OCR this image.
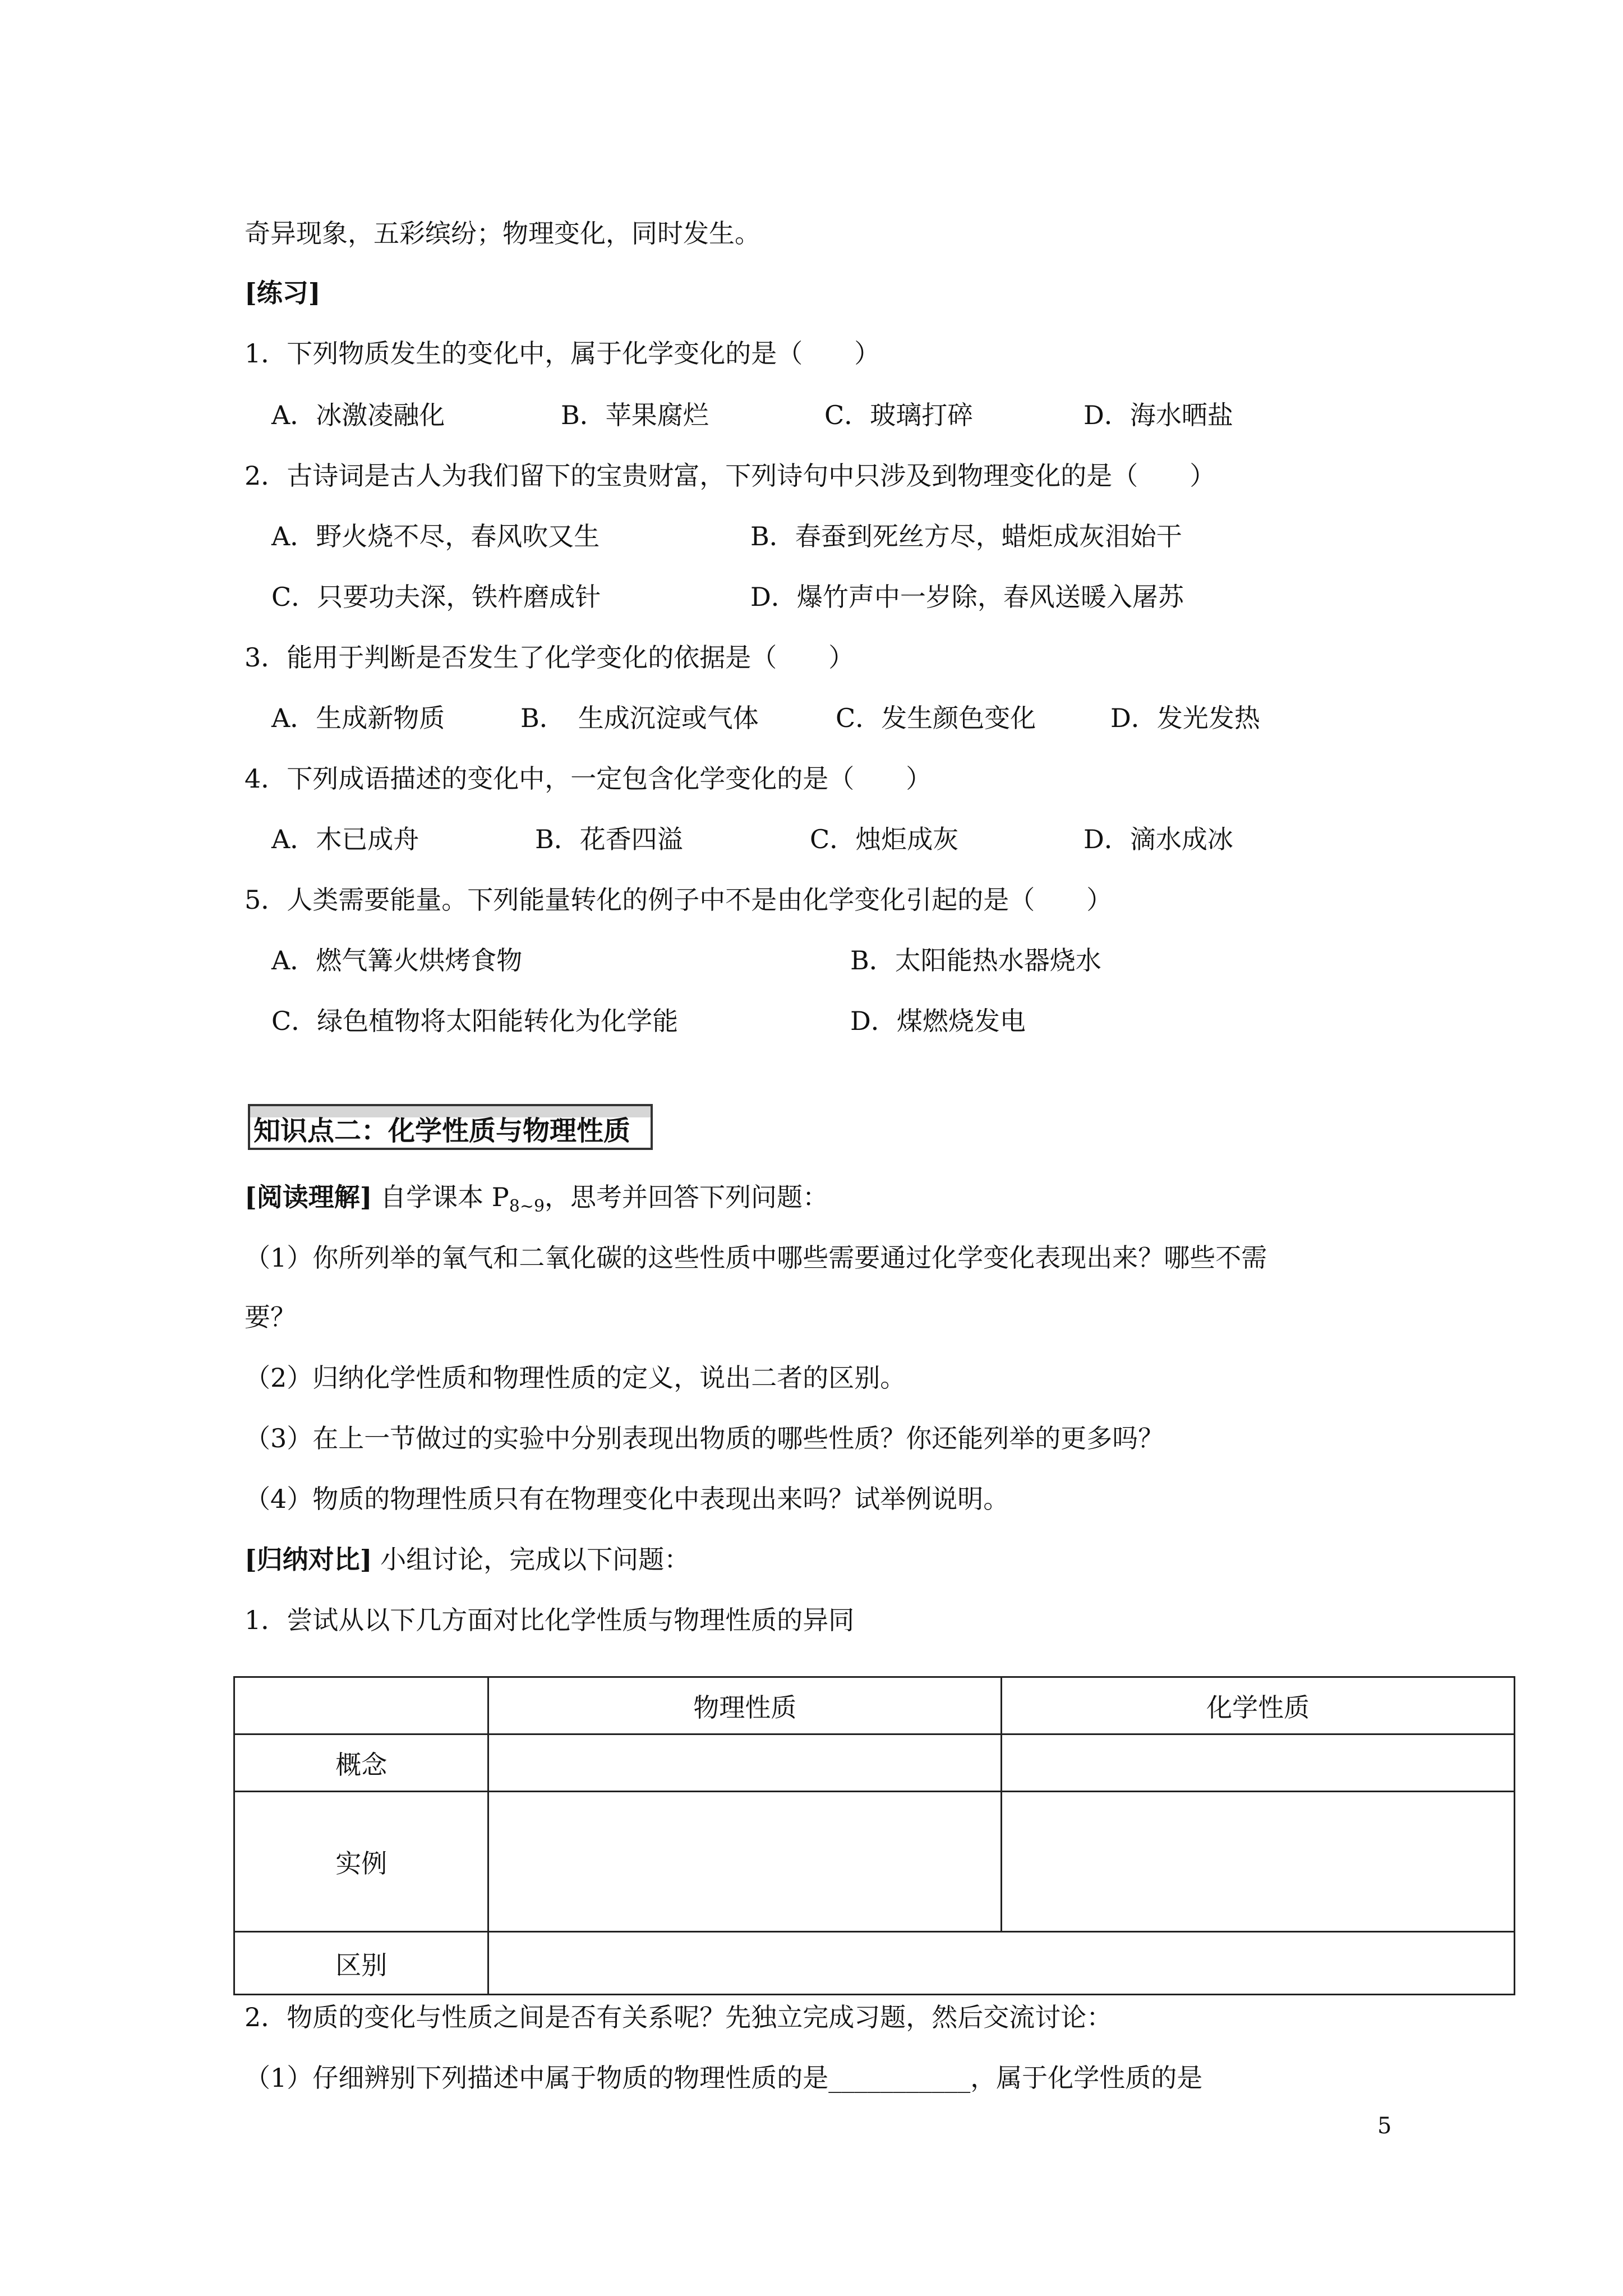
奇异现象，五彩缤纷；物理变化，同时发生。
[练习]
1．下列物质发生的变化中，属于化学变化的是（　　）
A．冰激凌融化	B．苹果腐烂	C．玻璃打碎	D．海水晒盐
2．古诗词是古人为我们留下的宝贵财富，下列诗句中只涉及到物理变化的是（　　）
A．野火烧不尽，春风吹又生	B．春蚕到死丝方尽，蜡炬成灰泪始干
C．只要功夫深，铁杵磨成针	D．爆竹声中一岁除，春风送暖入屠苏
3．能用于判断是否发生了化学变化的依据是（　　）
A．生成新物质	B．　生成沉淀或气体	C．发生颜色变化	D．发光发热
4．下列成语描述的变化中，一定包含化学变化的是（　　）
A．木已成舟	B．花香四溢	C．烛炬成灰	D．滴水成冰
5．人类需要能量。下列能量转化的例子中不是由化学变化引起的是（　　）
A．燃气篝火烘烤食物	B．太阳能热水器烧水
C．绿色植物将太阳能转化为化学能	D．煤燃烧发电
知识点二：化学性质与物理性质
[阅读理解] 自学课本 $P_{8\sim 9}$，思考并回答下列问题：
（1）你所列举的氧气和二氧化碳的这些性质中哪些需要通过化学变化表现出来？哪些不需
要？
（2）归纳化学性质和物理性质的定义，说出二者的区别。
（3）在上一节做过的实验中分别表现出物质的哪些性质？你还能列举的更多吗？
（4）物质的物理性质只有在物理变化中表现出来吗？试举例说明。
[归纳对比] 小组讨论，完成以下问题：
1．尝试从以下几方面对比化学性质与物理性质的异同
	物理性质	化学性质
概念		
实例		
区别		
2．物质的变化与性质之间是否有关系呢？先独立完成习题，然后交流讨论：
（1）仔细辨别下列描述中属于物质的物理性质的是___________，属于化学性质的是
5
